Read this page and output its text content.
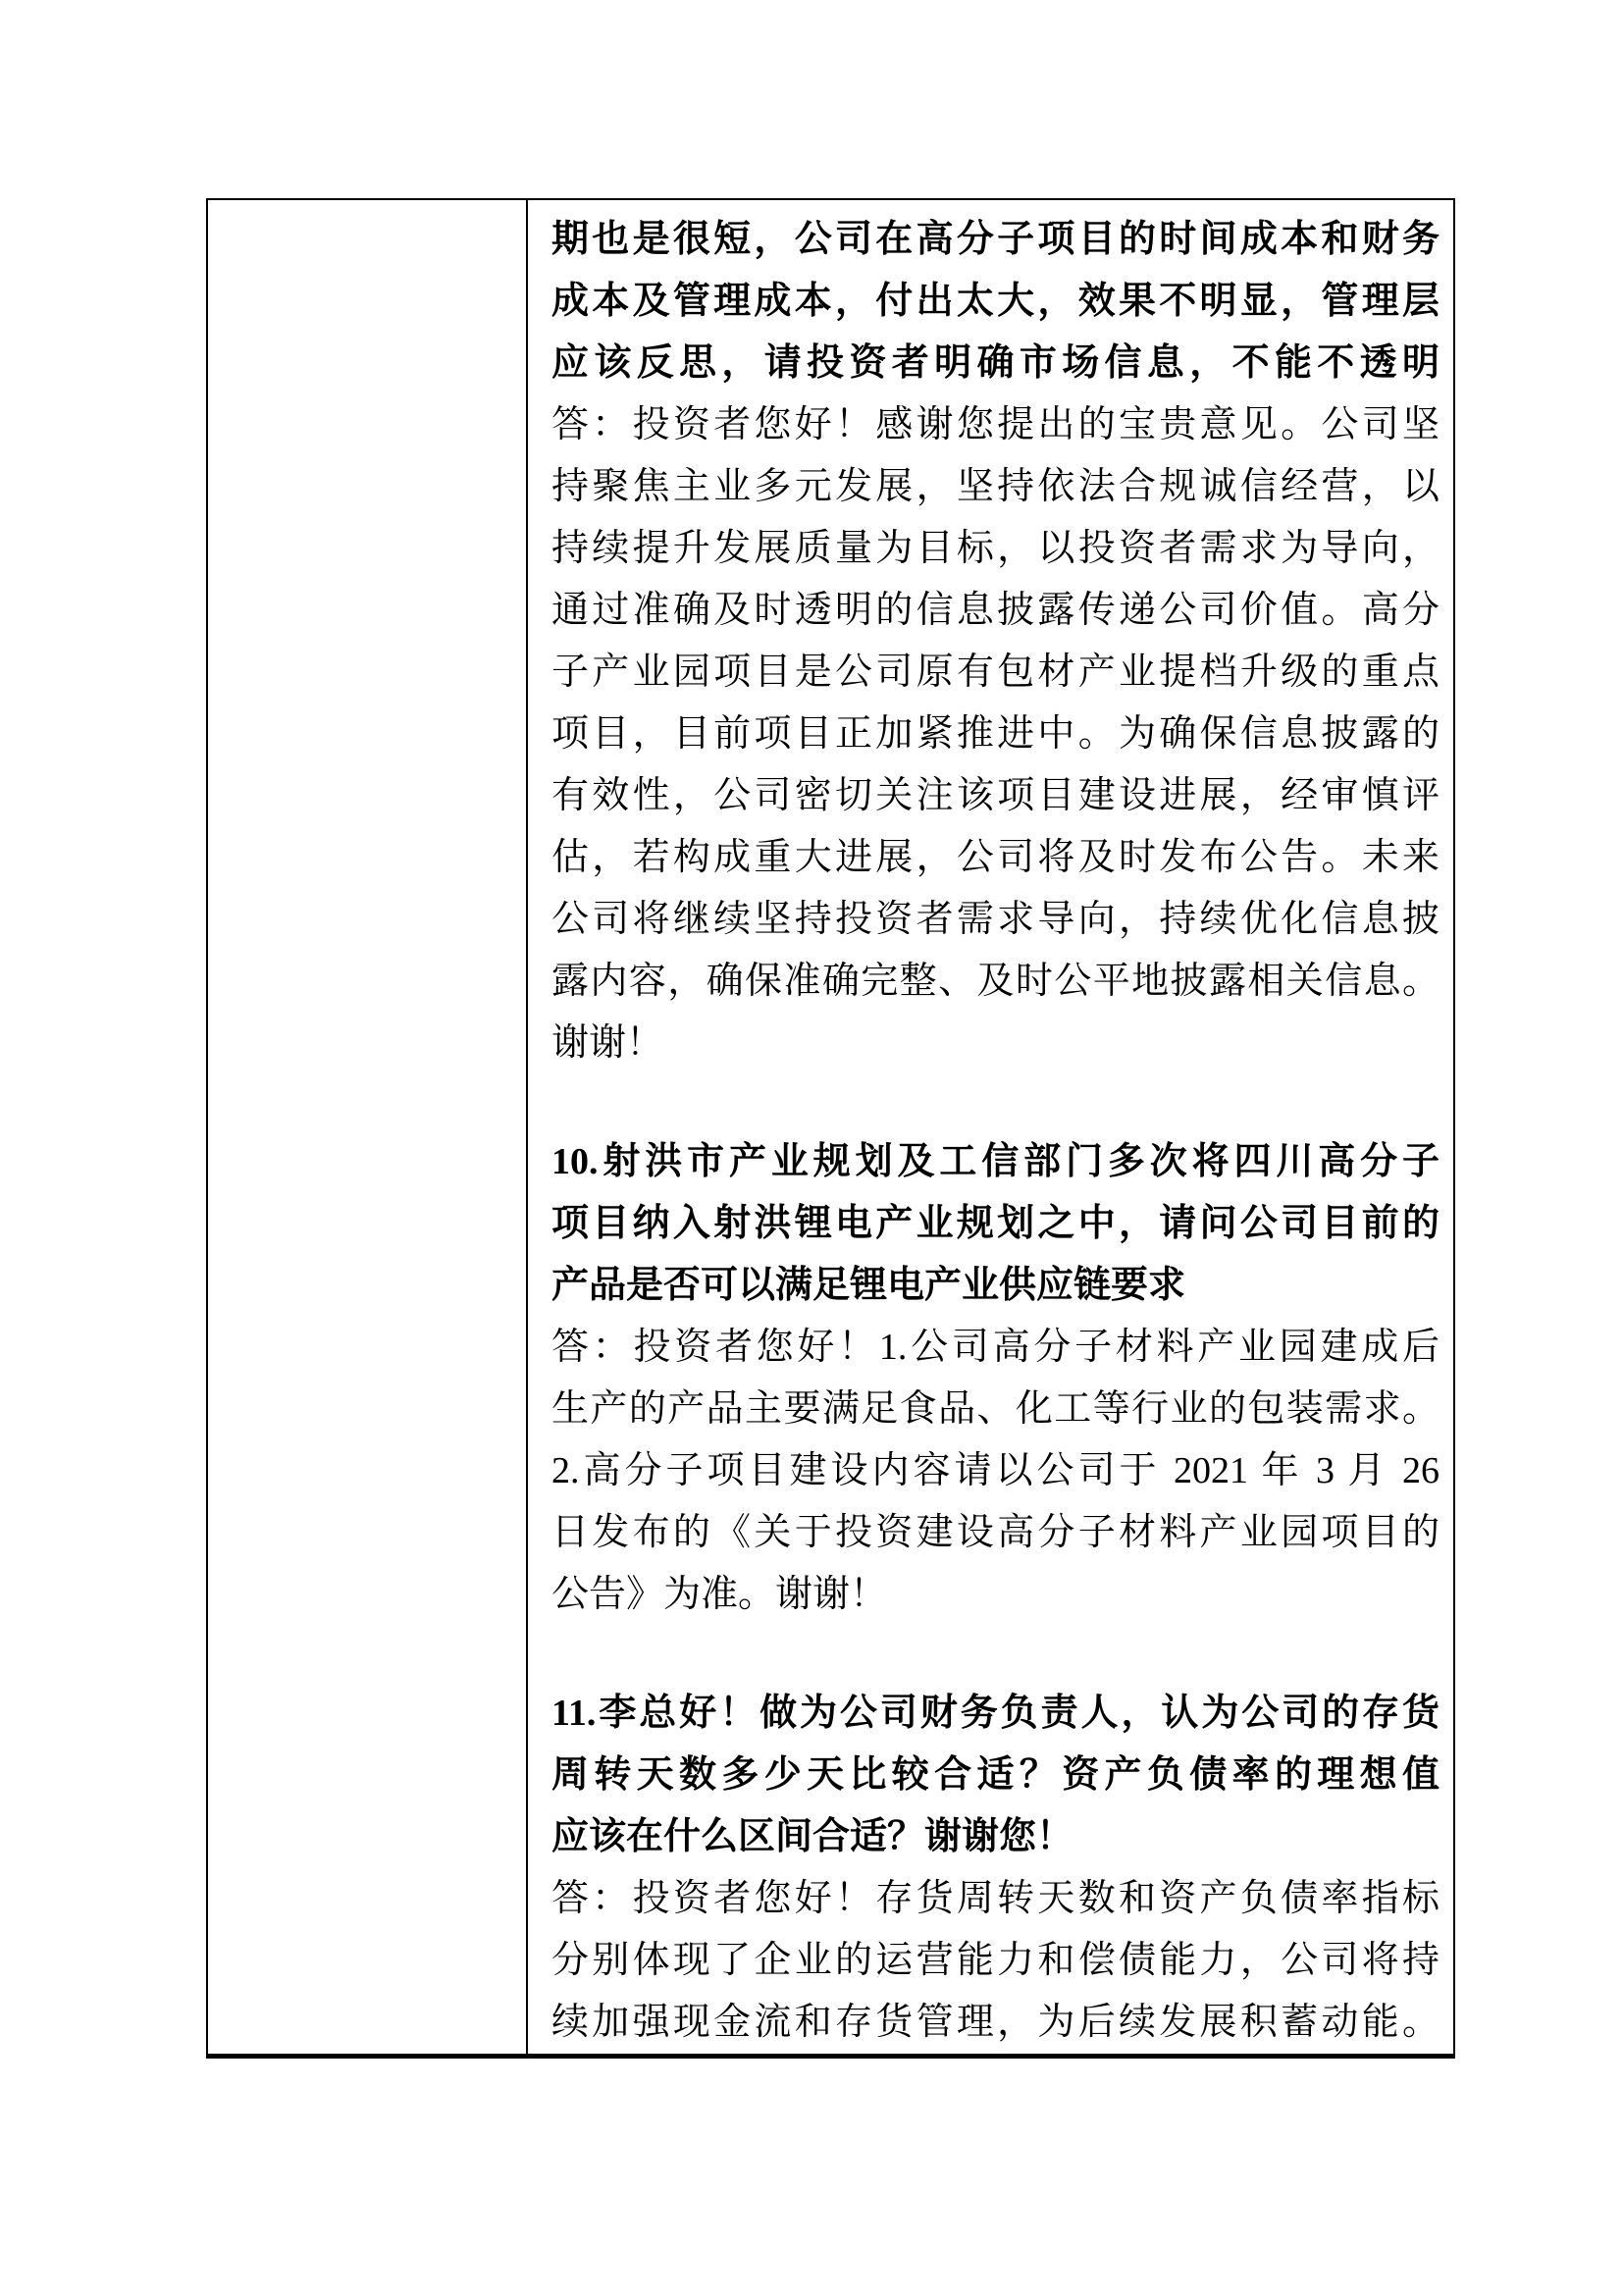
期也是很短，公司在高分子项目的时间成本和财务
成本及管理成本，付出太大，效果不明显，管理层
应该反思，请投资者明确市场信息，不能不透明
答：投资者您好！感谢您提出的宝贵意见。公司坚
持聚焦主业多元发展，坚持依法合规诚信经营，以
持续提升发展质量为目标，以投资者需求为导向，
通过准确及时透明的信息披露传递公司价值。高分
子产业园项目是公司原有包材产业提档升级的重点
项目，目前项目正加紧推进中。为确保信息披露的
有效性，公司密切关注该项目建设进展，经审慎评
估，若构成重大进展，公司将及时发布公告。未来
公司将继续坚持投资者需求导向，持续优化信息披
露内容，确保准确完整、及时公平地披露相关信息。
谢谢！
10.射洪市产业规划及工信部门多次将四川高分子
项目纳入射洪锂电产业规划之中，请问公司目前的
产品是否可以满足锂电产业供应链要求
答：投资者您好！1.公司高分子材料产业园建成后
生产的产品主要满足食品、化工等行业的包装需求。
2.高分子项目建设内容请以公司于 2021 年 3 月 26
日发布的《关于投资建设高分子材料产业园项目的
公告》为准。谢谢！
11.李总好！做为公司财务负责人，认为公司的存货
周转天数多少天比较合适？资产负债率的理想值
应该在什么区间合适？谢谢您！
答：投资者您好！存货周转天数和资产负债率指标
分别体现了企业的运营能力和偿债能力，公司将持
续加强现金流和存货管理，为后续发展积蓄动能。
